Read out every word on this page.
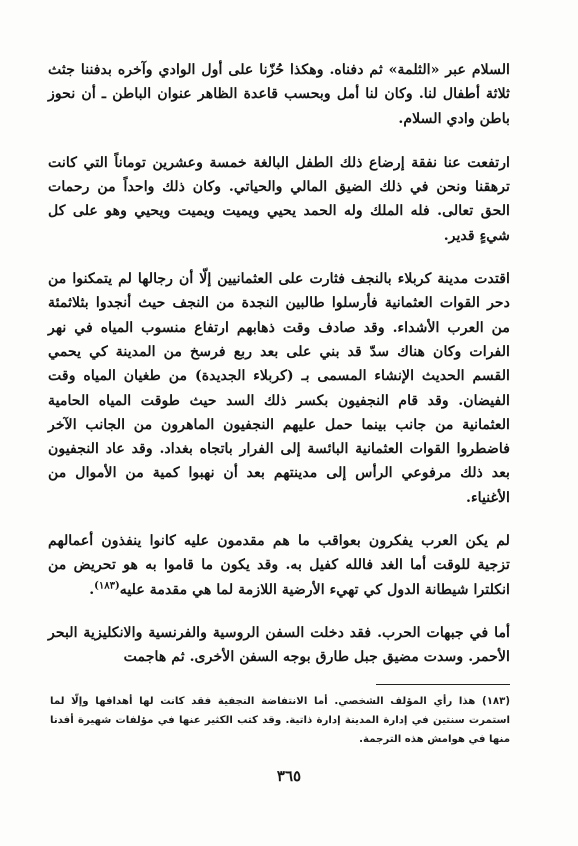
السلام عبر «الثلمة» ثم دفناه. وهكذا حُزّنا على أول الوادي وآخره بدفننا جثث ثلاثة أطفال لنا. وكان لنا أمل وبحسب قاعدة الظاهر عنوان الباطن ـ أن نحوز باطن وادي السلام.

ارتفعت عنا نفقة إرضاع ذلك الطفل البالغة خمسة وعشرين توماناً التي كانت ترهقنا ونحن في ذلك الضيق المالي والحياتي. وكان ذلك واحداً من رحمات الحق تعالى. فله الملك وله الحمد يحيي ويميت ويميت ويحيي وهو على كل شيءٍ قدير.

اقتدت مدينة كربلاء بالنجف فثارت على العثمانيين إلّا أن رجالها لم يتمكنوا من دحر القوات العثمانية فأرسلوا طالبين النجدة من النجف حيث أنجدوا بثلاثمئة من العرب الأشداء. وقد صادف وقت ذهابهم ارتفاع منسوب المياه في نهر الفرات وكان هناك سدّ قد بني على بعد ربع فرسخ من المدينة كي يحمي القسم الحديث الإنشاء المسمى بـ (كربلاء الجديدة) من طغيان المياه وقت الفيضان. وقد قام النجفيون بكسر ذلك السد حيث طوقت المياه الحامية العثمانية من جانب بينما حمل عليهم النجفيون الماهرون من الجانب الآخر فاضطروا القوات العثمانية البائسة إلى الفرار باتجاه بغداد. وقد عاد النجفيون بعد ذلك مرفوعي الرأس إلى مدينتهم بعد أن نهبوا كمية من الأموال من الأغنياء.

لم يكن العرب يفكرون بعواقب ما هم مقدمون عليه كانوا ينفذون أعمالهم تزجية للوقت أما الغد فالله كفيل به. وقد يكون ما قاموا به هو تحريض من انكلترا شيطانة الدول كي تهيء الأرضية اللازمة لما هي مقدمة عليه$^{(١٨٣)}$.

أما في جبهات الحرب. فقد دخلت السفن الروسية والفرنسية والانكليزية البحر الأحمر. وسدت مضيق جبل طارق بوجه السفن الأخرى. ثم هاجمت

(١٨٣) هذا رأي المؤلف الشخصي. أما الانتفاضة النجفية فقد كانت لها أهدافها وإلّا لما استمرت سنتين في إدارة المدينة إدارة ذاتية. وقد كتب الكثير عنها في مؤلفات شهيرة أفدنا منها في هوامش هذه الترجمة.
٣٦٥
